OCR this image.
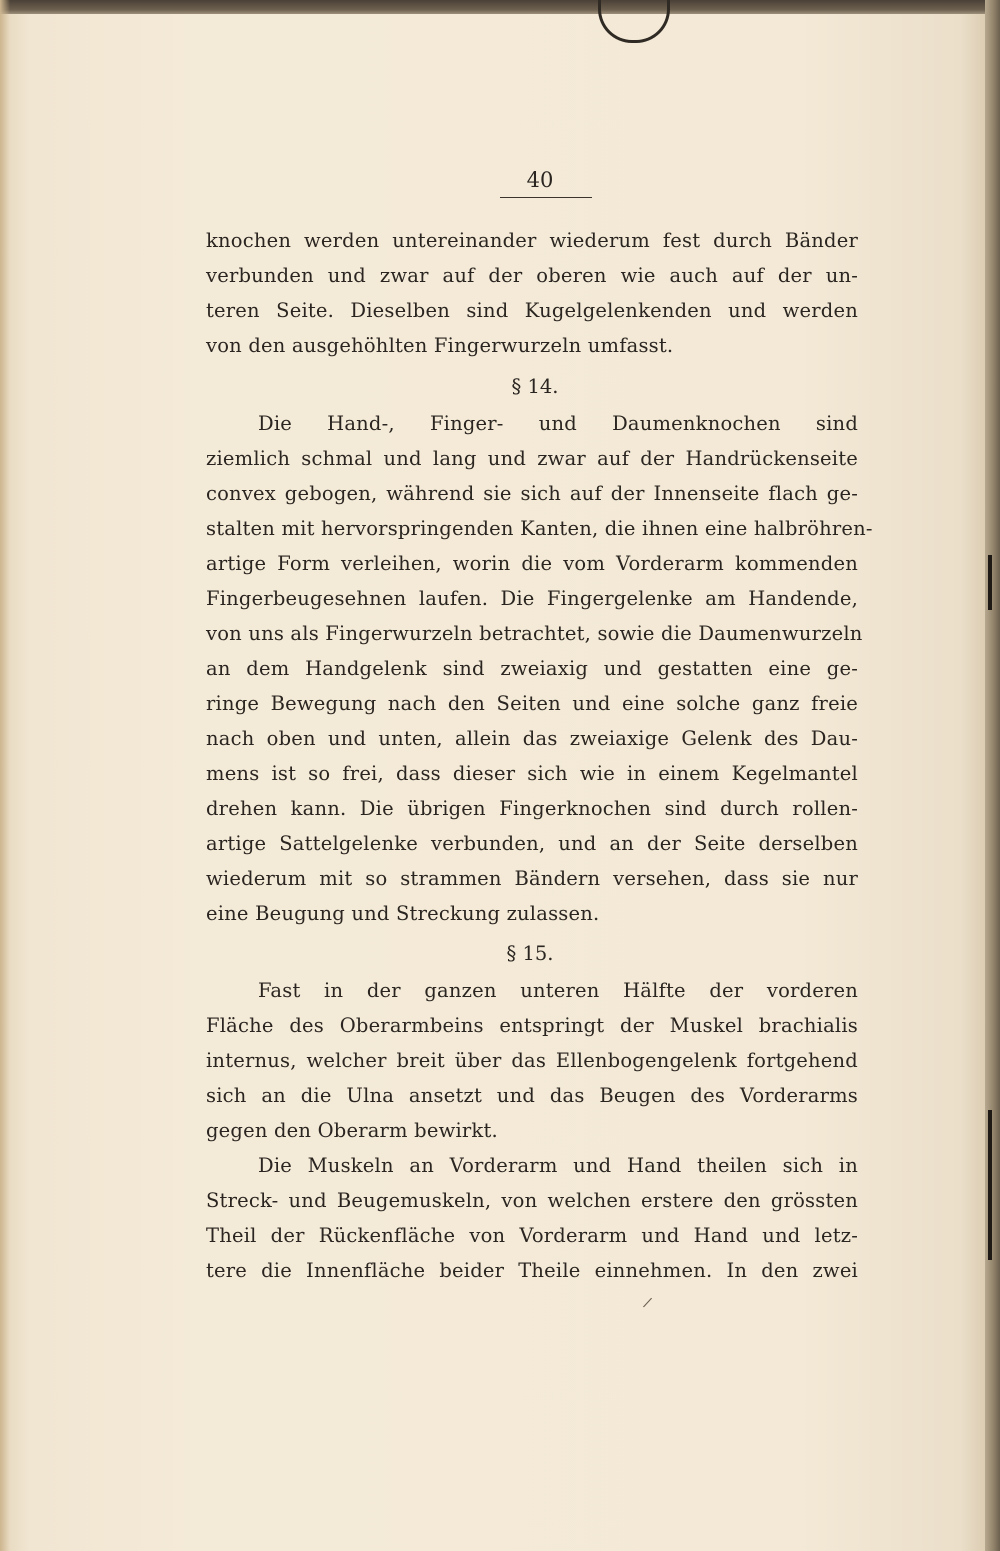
40
knochen werden untereinander wiederum fest durch Bänder
verbunden und zwar auf der oberen wie auch auf der un-
teren Seite. Dieselben sind Kugelgelenkenden und werden
von den ausgehöhlten Fingerwurzeln umfasst.
§ 14.
Die Hand-, Finger- und Daumenknochen sind
ziemlich schmal und lang und zwar auf der Handrückenseite
convex gebogen, während sie sich auf der Innenseite flach ge-
stalten mit hervorspringenden Kanten, die ihnen eine halbröhren-
artige Form verleihen, worin die vom Vorderarm kommenden
Fingerbeugesehnen laufen. Die Fingergelenke am Handende,
von uns als Fingerwurzeln betrachtet, sowie die Daumenwurzeln
an dem Handgelenk sind zweiaxig und gestatten eine ge-
ringe Bewegung nach den Seiten und eine solche ganz freie
nach oben und unten, allein das zweiaxige Gelenk des Dau-
mens ist so frei, dass dieser sich wie in einem Kegelmantel
drehen kann. Die übrigen Fingerknochen sind durch rollen-
artige Sattelgelenke verbunden, und an der Seite derselben
wiederum mit so strammen Bändern versehen, dass sie nur
eine Beugung und Streckung zulassen.
§ 15.
Fast in der ganzen unteren Hälfte der vorderen
Fläche des Oberarmbeins entspringt der Muskel brachialis
internus, welcher breit über das Ellenbogengelenk fortgehend
sich an die Ulna ansetzt und das Beugen des Vorderarms
gegen den Oberarm bewirkt.
Die Muskeln an Vorderarm und Hand theilen sich in
Streck- und Beugemuskeln, von welchen erstere den grössten
Theil der Rückenfläche von Vorderarm und Hand und letz-
tere die Innenfläche beider Theile einnehmen. In den zwei
/
